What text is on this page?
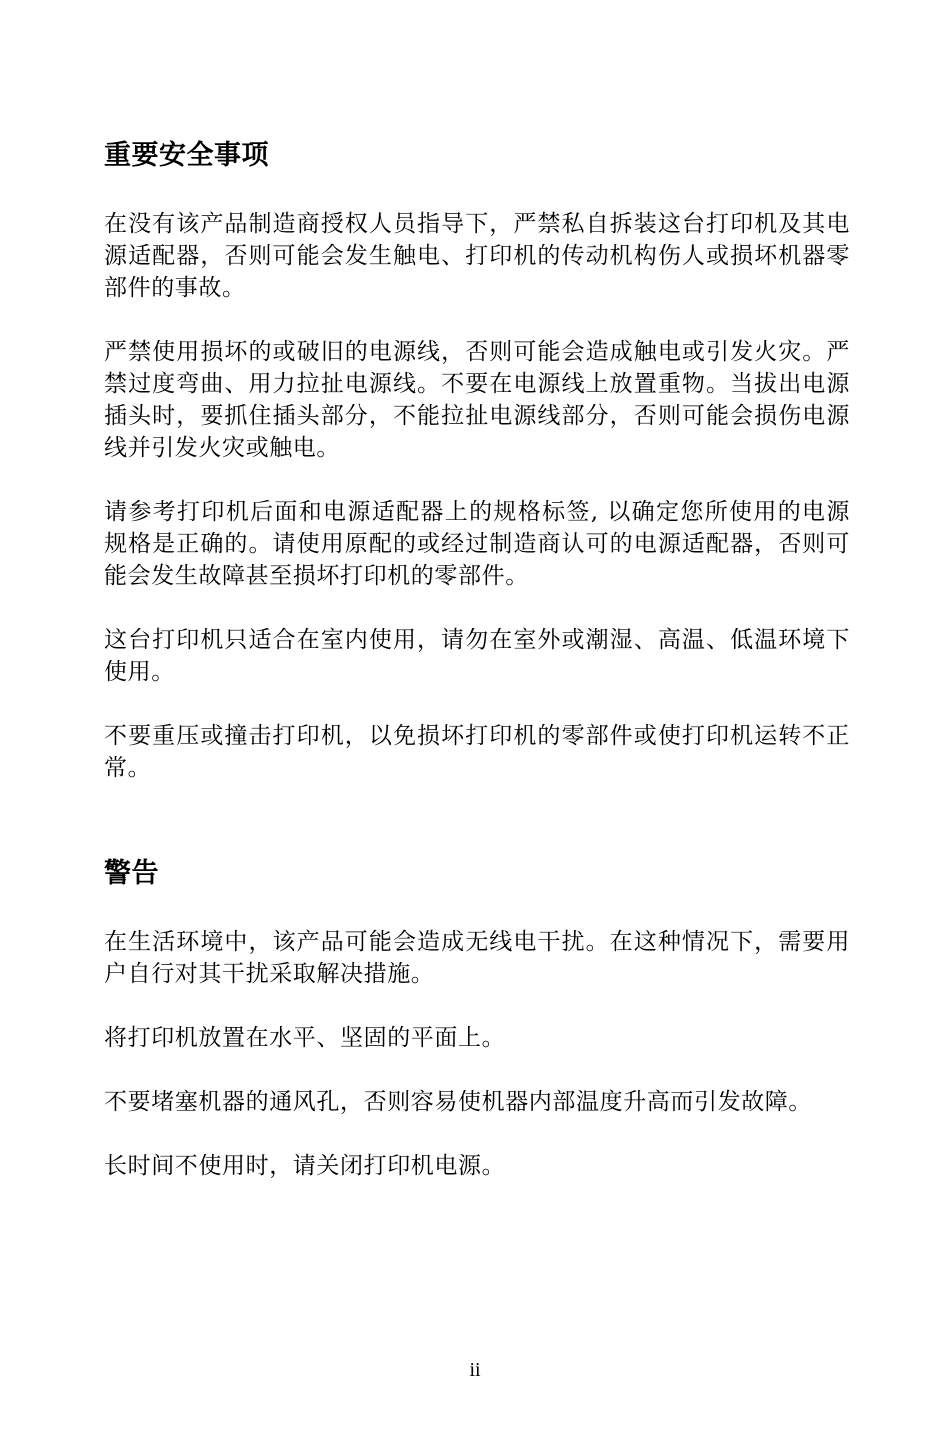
重要安全事项

在没有该产品制造商授权人员指导下，严禁私自拆装这台打印机及其电源适配器，否则可能会发生触电、打印机的传动机构伤人或损坏机器零部件的事故。

严禁使用损坏的或破旧的电源线，否则可能会造成触电或引发火灾。严禁过度弯曲、用力拉扯电源线。不要在电源线上放置重物。当拔出电源插头时，要抓住插头部分，不能拉扯电源线部分，否则可能会损伤电源线并引发火灾或触电。

请参考打印机后面和电源适配器上的规格标签, 以确定您所使用的电源规格是正确的。请使用原配的或经过制造商认可的电源适配器，否则可能会发生故障甚至损坏打印机的零部件。

这台打印机只适合在室内使用，请勿在室外或潮湿、高温、低温环境下使用。

不要重压或撞击打印机，以免损坏打印机的零部件或使打印机运转不正常。

警告

在生活环境中，该产品可能会造成无线电干扰。在这种情况下，需要用户自行对其干扰采取解决措施。

将打印机放置在水平、坚固的平面上。

不要堵塞机器的通风孔，否则容易使机器内部温度升高而引发故障。

长时间不使用时，请关闭打印机电源。

ii
